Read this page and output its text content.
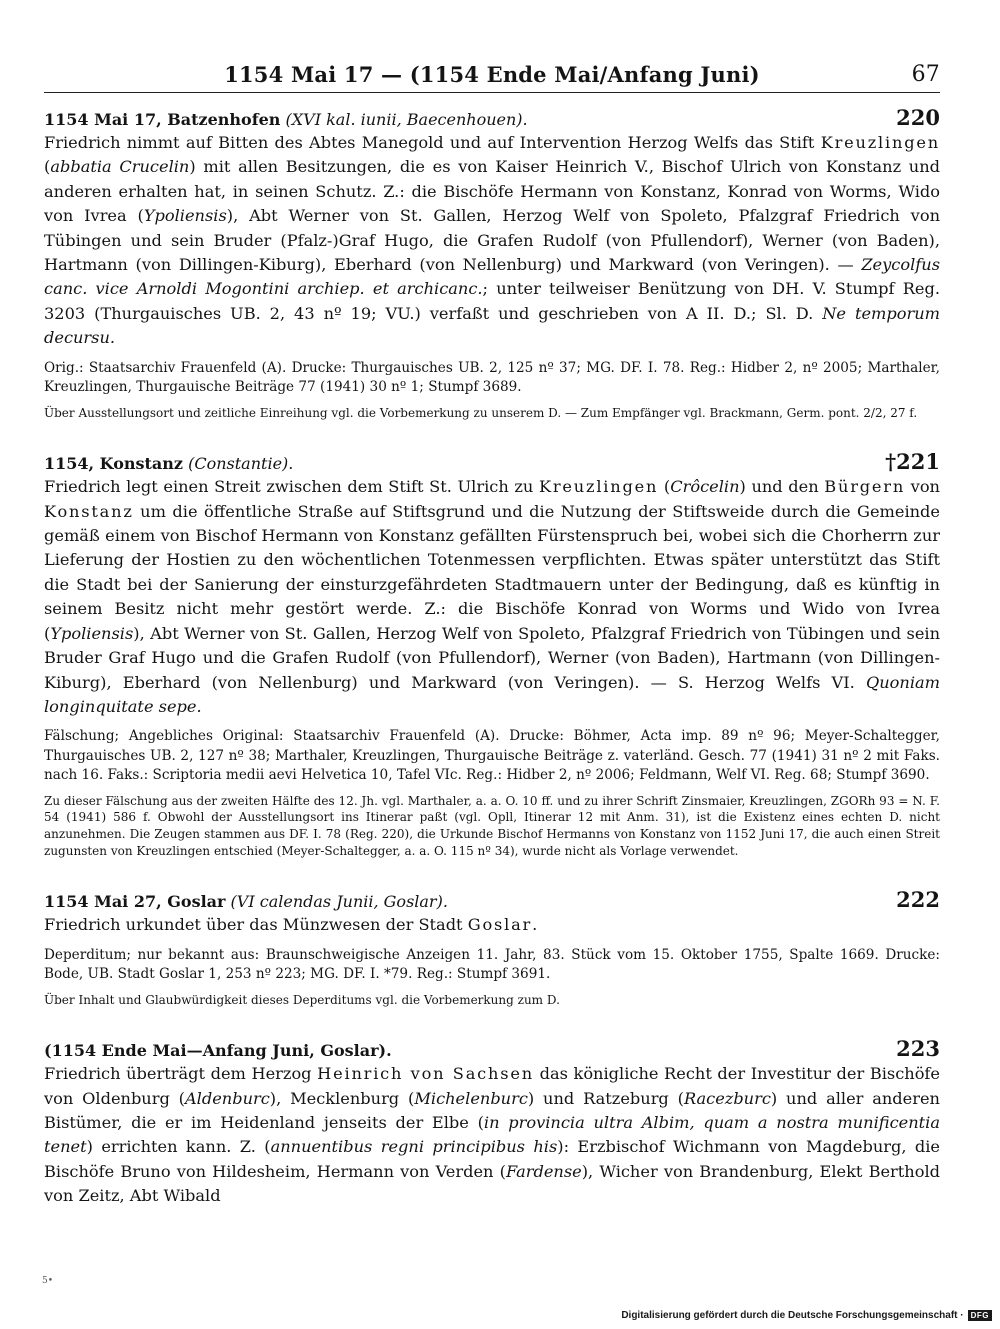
1154 Mai 17 — (1154 Ende Mai/Anfang Juni)	67
1154 Mai 17, Batzenhofen (XVI kal. iunii, Baecenhouen).	220

Friedrich nimmt auf Bitten des Abtes Manegold und auf Intervention Herzog Welfs das Stift Kreuzlingen (abbatia Crucelin) mit allen Besitzungen, die es von Kaiser Heinrich V., Bischof Ulrich von Konstanz und anderen erhalten hat, in seinen Schutz. Z.: die Bischöfe Hermann von Konstanz, Konrad von Worms, Wido von Ivrea (Ypoliensis), Abt Werner von St. Gallen, Herzog Welf von Spoleto, Pfalzgraf Friedrich von Tübingen und sein Bruder (Pfalz-)Graf Hugo, die Grafen Rudolf (von Pfullendorf), Werner (von Baden), Hartmann (von Dillingen-Kiburg), Eberhard (von Nellenburg) und Markward (von Veringen). — Zeycolfus canc. vice Arnoldi Mogontini archiep. et archicanc.; unter teilweiser Benützung von DH. V. Stumpf Reg. 3203 (Thurgauisches UB. 2, 43 nº 19; VU.) verfaßt und geschrieben von A II. D.; Sl. D. Ne temporum decursu.

Orig.: Staatsarchiv Frauenfeld (A). Drucke: Thurgauisches UB. 2, 125 nº 37; MG. DF. I. 78. Reg.: Hidber 2, nº 2005; Marthaler, Kreuzlingen, Thurgauische Beiträge 77 (1941) 30 nº 1; Stumpf 3689.

Über Ausstellungsort und zeitliche Einreihung vgl. die Vorbemerkung zu unserem D. — Zum Empfänger vgl. Brackmann, Germ. pont. 2/2, 27 f.

1154, Konstanz (Constantie).	†221

Friedrich legt einen Streit zwischen dem Stift St. Ulrich zu Kreuzlingen (Crôcelin) und den Bürgern von Konstanz um die öffentliche Straße auf Stiftsgrund und die Nutzung der Stiftsweide durch die Gemeinde gemäß einem von Bischof Hermann von Konstanz gefällten Fürstenspruch bei, wobei sich die Chorherrn zur Lieferung der Hostien zu den wöchentlichen Totenmessen verpflichten. Etwas später unterstützt das Stift die Stadt bei der Sanierung der einsturzgefährdeten Stadtmauern unter der Bedingung, daß es künftig in seinem Besitz nicht mehr gestört werde. Z.: die Bischöfe Konrad von Worms und Wido von Ivrea (Ypoliensis), Abt Werner von St. Gallen, Herzog Welf von Spoleto, Pfalzgraf Friedrich von Tübingen und sein Bruder Graf Hugo und die Grafen Rudolf (von Pfullendorf), Werner (von Baden), Hartmann (von Dillingen-Kiburg), Eberhard (von Nellenburg) und Markward (von Veringen). — S. Herzog Welfs VI. Quoniam longinquitate sepe.

Fälschung; Angebliches Original: Staatsarchiv Frauenfeld (A). Drucke: Böhmer, Acta imp. 89 nº 96; Meyer-Schaltegger, Thurgauisches UB. 2, 127 nº 38; Marthaler, Kreuzlingen, Thurgauische Beiträge z. vaterländ. Gesch. 77 (1941) 31 nº 2 mit Faks. nach 16. Faks.: Scriptoria medii aevi Helvetica 10, Tafel VIc. Reg.: Hidber 2, nº 2006; Feldmann, Welf VI. Reg. 68; Stumpf 3690.

Zu dieser Fälschung aus der zweiten Hälfte des 12. Jh. vgl. Marthaler, a. a. O. 10 ff. und zu ihrer Schrift Zinsmaier, Kreuzlingen, ZGORh 93 = N. F. 54 (1941) 586 f. Obwohl der Ausstellungsort ins Itinerar paßt (vgl. Opll, Itinerar 12 mit Anm. 31), ist die Existenz eines echten D. nicht anzunehmen. Die Zeugen stammen aus DF. I. 78 (Reg. 220), die Urkunde Bischof Hermanns von Konstanz von 1152 Juni 17, die auch einen Streit zugunsten von Kreuzlingen entschied (Meyer-Schaltegger, a. a. O. 115 nº 34), wurde nicht als Vorlage verwendet.

1154 Mai 27, Goslar (VI calendas Junii, Goslar).	222

Friedrich urkundet über das Münzwesen der Stadt Goslar.

Deperditum; nur bekannt aus: Braunschweigische Anzeigen 11. Jahr, 83. Stück vom 15. Oktober 1755, Spalte 1669. Drucke: Bode, UB. Stadt Goslar 1, 253 nº 223; MG. DF. I. *79. Reg.: Stumpf 3691.

Über Inhalt und Glaubwürdigkeit dieses Deperditums vgl. die Vorbemerkung zum D.

(1154 Ende Mai—Anfang Juni, Goslar).	223

Friedrich überträgt dem Herzog Heinrich von Sachsen das königliche Recht der Investitur der Bischöfe von Oldenburg (Aldenburc), Mecklenburg (Michelenburc) und Ratzeburg (Racezburc) und aller anderen Bistümer, die er im Heidenland jenseits der Elbe (in provincia ultra Albim, quam a nostra munificentia tenet) errichten kann. Z. (annuentibus regni principibus his): Erzbischof Wichmann von Magdeburg, die Bischöfe Bruno von Hildesheim, Hermann von Verden (Fardense), Wicher von Brandenburg, Elekt Berthold von Zeitz, Abt Wibald

5•
Digitalisierung gefördert durch die Deutsche Forschungsgemeinschaft · DFG
